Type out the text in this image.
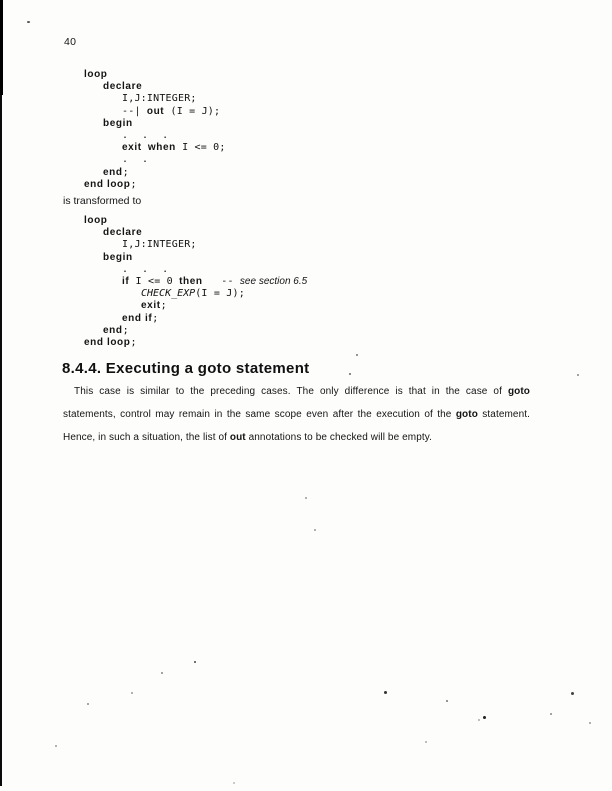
40
loop
declare
I,J:INTEGER;
--| out (I = J);
begin
. . .
exit when I <= 0;
. .
end;
end loop;
is transformed to
loop
declare
I,J:INTEGER;
begin
. . .
if I <= 0 then   -- see section 6.5
CHECK_EXP(I = J);
exit;
end if;
end;
end loop;
8.4.4. Executing a goto statement
This case is similar to the preceding cases. The only difference is that in the case of goto
statements, control may remain in the same scope even after the execution of the goto statement.
Hence, in such a situation, the list of out annotations to be checked will be empty.
